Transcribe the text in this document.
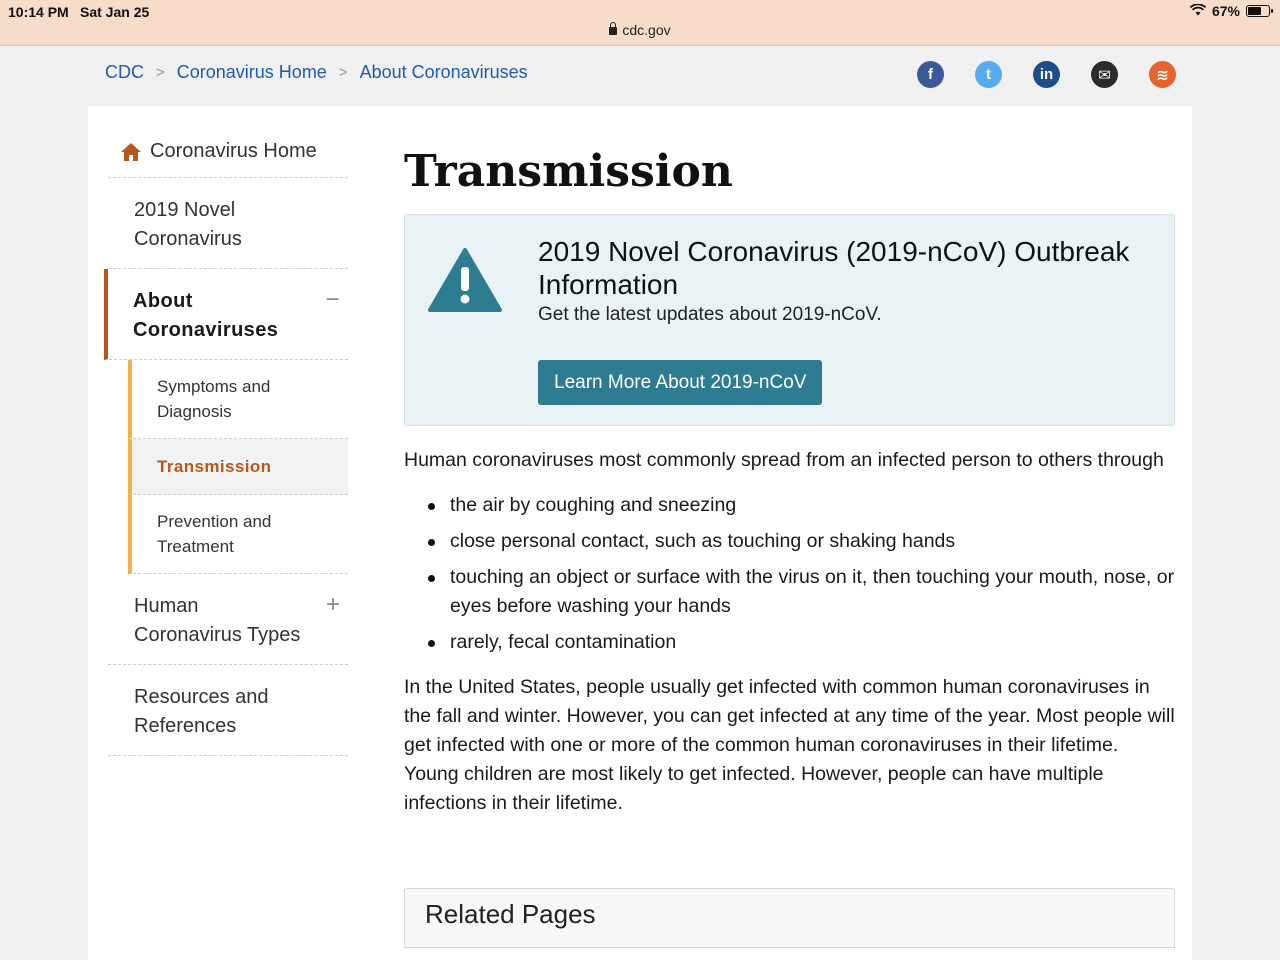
10:14 PM Sat Jan 25	67%
cdc.gov
CDC > Coronavirus Home > About Coronaviruses	f	t	in	✉	≋
Coronavirus Home
2019 Novel Coronavirus
About Coronaviruses
−
Symptoms and Diagnosis
Transmission
Prevention and Treatment
Human Coronavirus Types
+
Resources and References
Transmission
2019 Novel Coronavirus (2019-nCoV) Outbreak Information
Get the latest updates about 2019-nCoV.
Learn More About 2019-nCoV

Human coronaviruses most commonly spread from an infected person to others through

the air by coughing and sneezing
close personal contact, such as touching or shaking hands
touching an object or surface with the virus on it, then touching your mouth, nose, or eyes before washing your hands
rarely, fecal contamination

In the United States, people usually get infected with common human coronaviruses in the fall and winter. However, you can get infected at any time of the year. Most people will get infected with one or more of the common human coronaviruses in their lifetime. Young children are most likely to get infected. However, people can have multiple infections in their lifetime.

Related Pages
